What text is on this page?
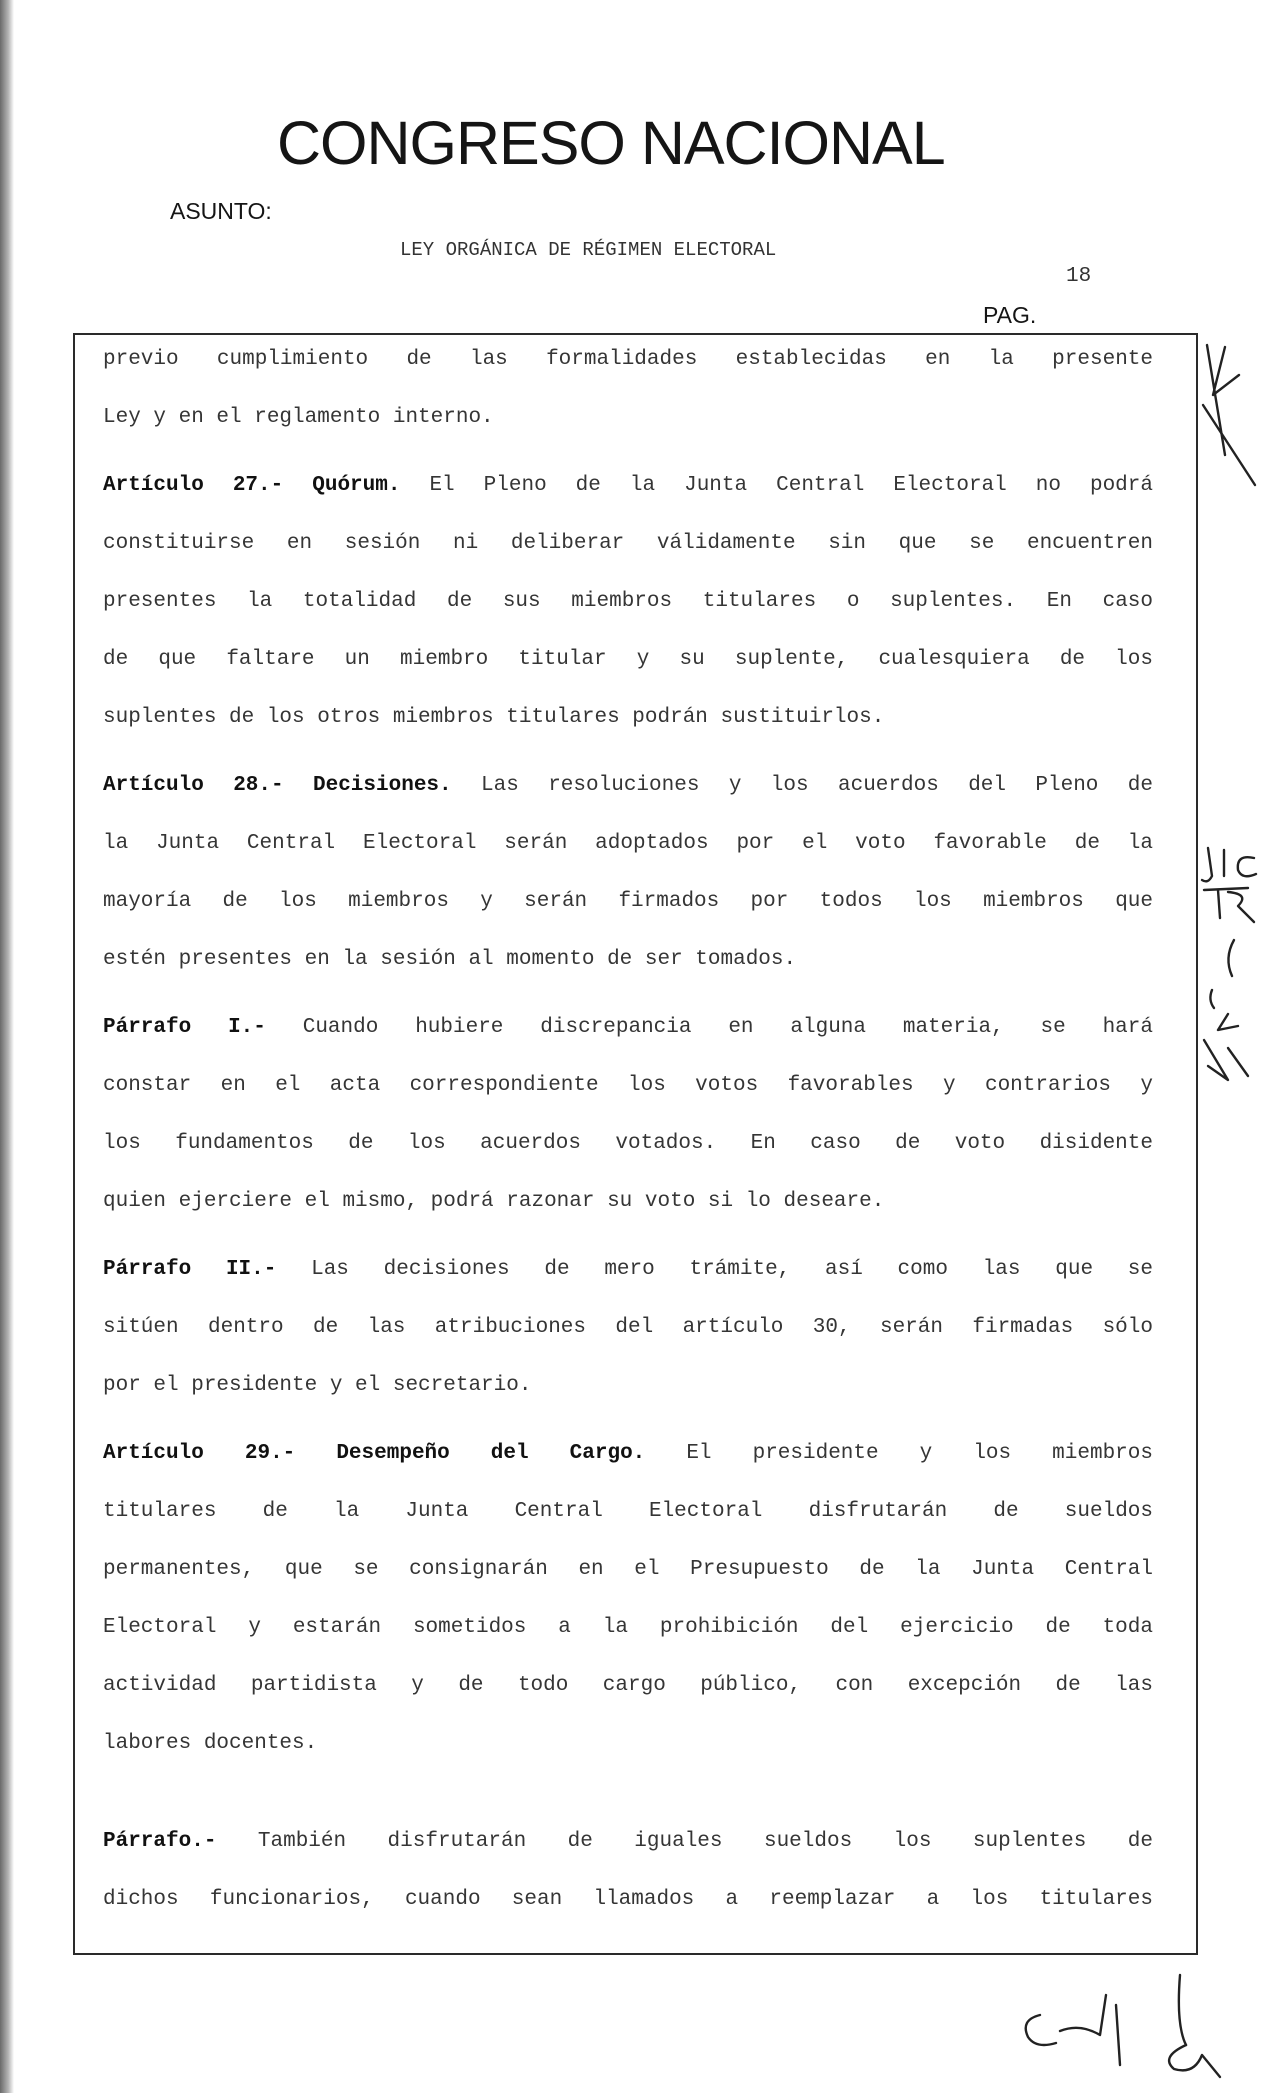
CONGRESO NACIONAL
ASUNTO:
LEY ORGÁNICA DE RÉGIMEN ELECTORAL
18
PAG.
previo cumplimiento de las formalidades establecidas en la presente
Ley y en el reglamento interno.
Artículo 27.- Quórum. El Pleno de la Junta Central Electoral no podrá
constituirse en sesión ni deliberar válidamente sin que se encuentren
presentes la totalidad de sus miembros titulares o suplentes. En caso
de que faltare un miembro titular y su suplente, cualesquiera de los
suplentes de los otros miembros titulares podrán sustituirlos.
Artículo 28.- Decisiones. Las resoluciones y los acuerdos del Pleno de
la Junta Central Electoral serán adoptados por el voto favorable de la
mayoría de los miembros y serán firmados por todos los miembros que
estén presentes en la sesión al momento de ser tomados.
Párrafo I.- Cuando hubiere discrepancia en alguna materia, se hará
constar en el acta correspondiente los votos favorables y contrarios y
los fundamentos de los acuerdos votados. En caso de voto disidente
quien ejerciere el mismo, podrá razonar su voto si lo deseare.
Párrafo II.- Las decisiones de mero trámite, así como las que se
sitúen dentro de las atribuciones del artículo 30, serán firmadas sólo
por el presidente y el secretario.
Artículo 29.- Desempeño del Cargo. El presidente y los miembros
titulares de la Junta Central Electoral disfrutarán de sueldos
permanentes, que se consignarán en el Presupuesto de la Junta Central
Electoral y estarán sometidos a la prohibición del ejercicio de toda
actividad partidista y de todo cargo público, con excepción de las
labores docentes.
Párrafo.- También disfrutarán de iguales sueldos los suplentes de
dichos funcionarios, cuando sean llamados a reemplazar a los titulares
